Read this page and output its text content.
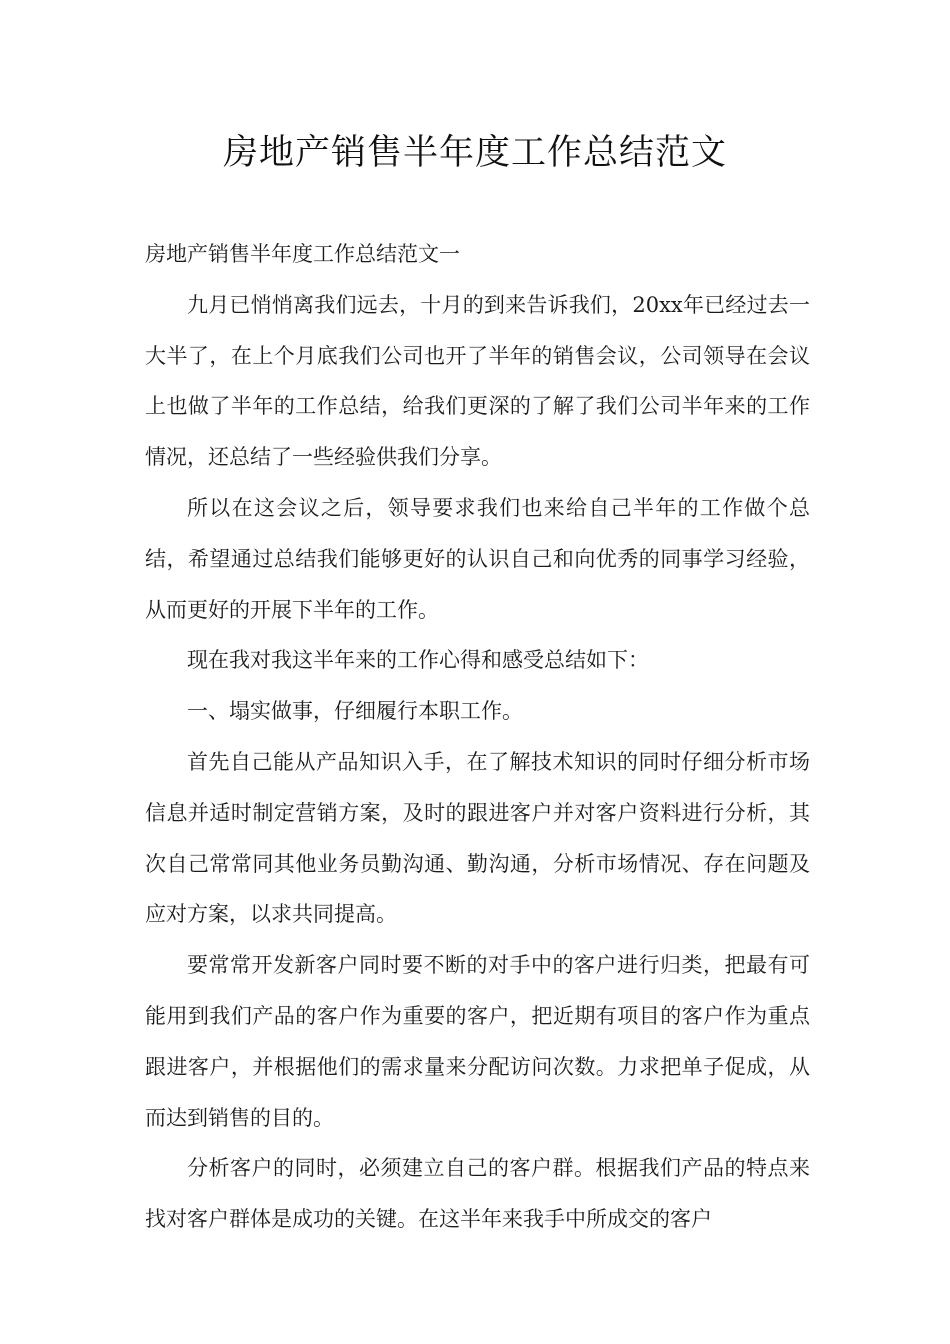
房地产销售半年度工作总结范文

房地产销售半年度工作总结范文一

九月已悄悄离我们远去，十月的到来告诉我们，20xx年已经过去一大半了，在上个月底我们公司也开了半年的销售会议，公司领导在会议上也做了半年的工作总结，给我们更深的了解了我们公司半年来的工作情况，还总结了一些经验供我们分享。

所以在这会议之后，领导要求我们也来给自己半年的工作做个总结，希望通过总结我们能够更好的认识自己和向优秀的同事学习经验，从而更好的开展下半年的工作。

现在我对我这半年来的工作心得和感受总结如下：

一、塌实做事，仔细履行本职工作。

首先自己能从产品知识入手，在了解技术知识的同时仔细分析市场信息并适时制定营销方案，及时的跟进客户并对客户资料进行分析，其次自己常常同其他业务员勤沟通、勤沟通，分析市场情况、存在问题及应对方案，以求共同提高。

要常常开发新客户同时要不断的对手中的客户进行归类，把最有可能用到我们产品的客户作为重要的客户，把近期有项目的客户作为重点跟进客户，并根据他们的需求量来分配访问次数。力求把单子促成，从而达到销售的目的。

分析客户的同时，必须建立自己的客户群。根据我们产品的特点来找对客户群体是成功的关键。在这半年来我手中所成交的客户
